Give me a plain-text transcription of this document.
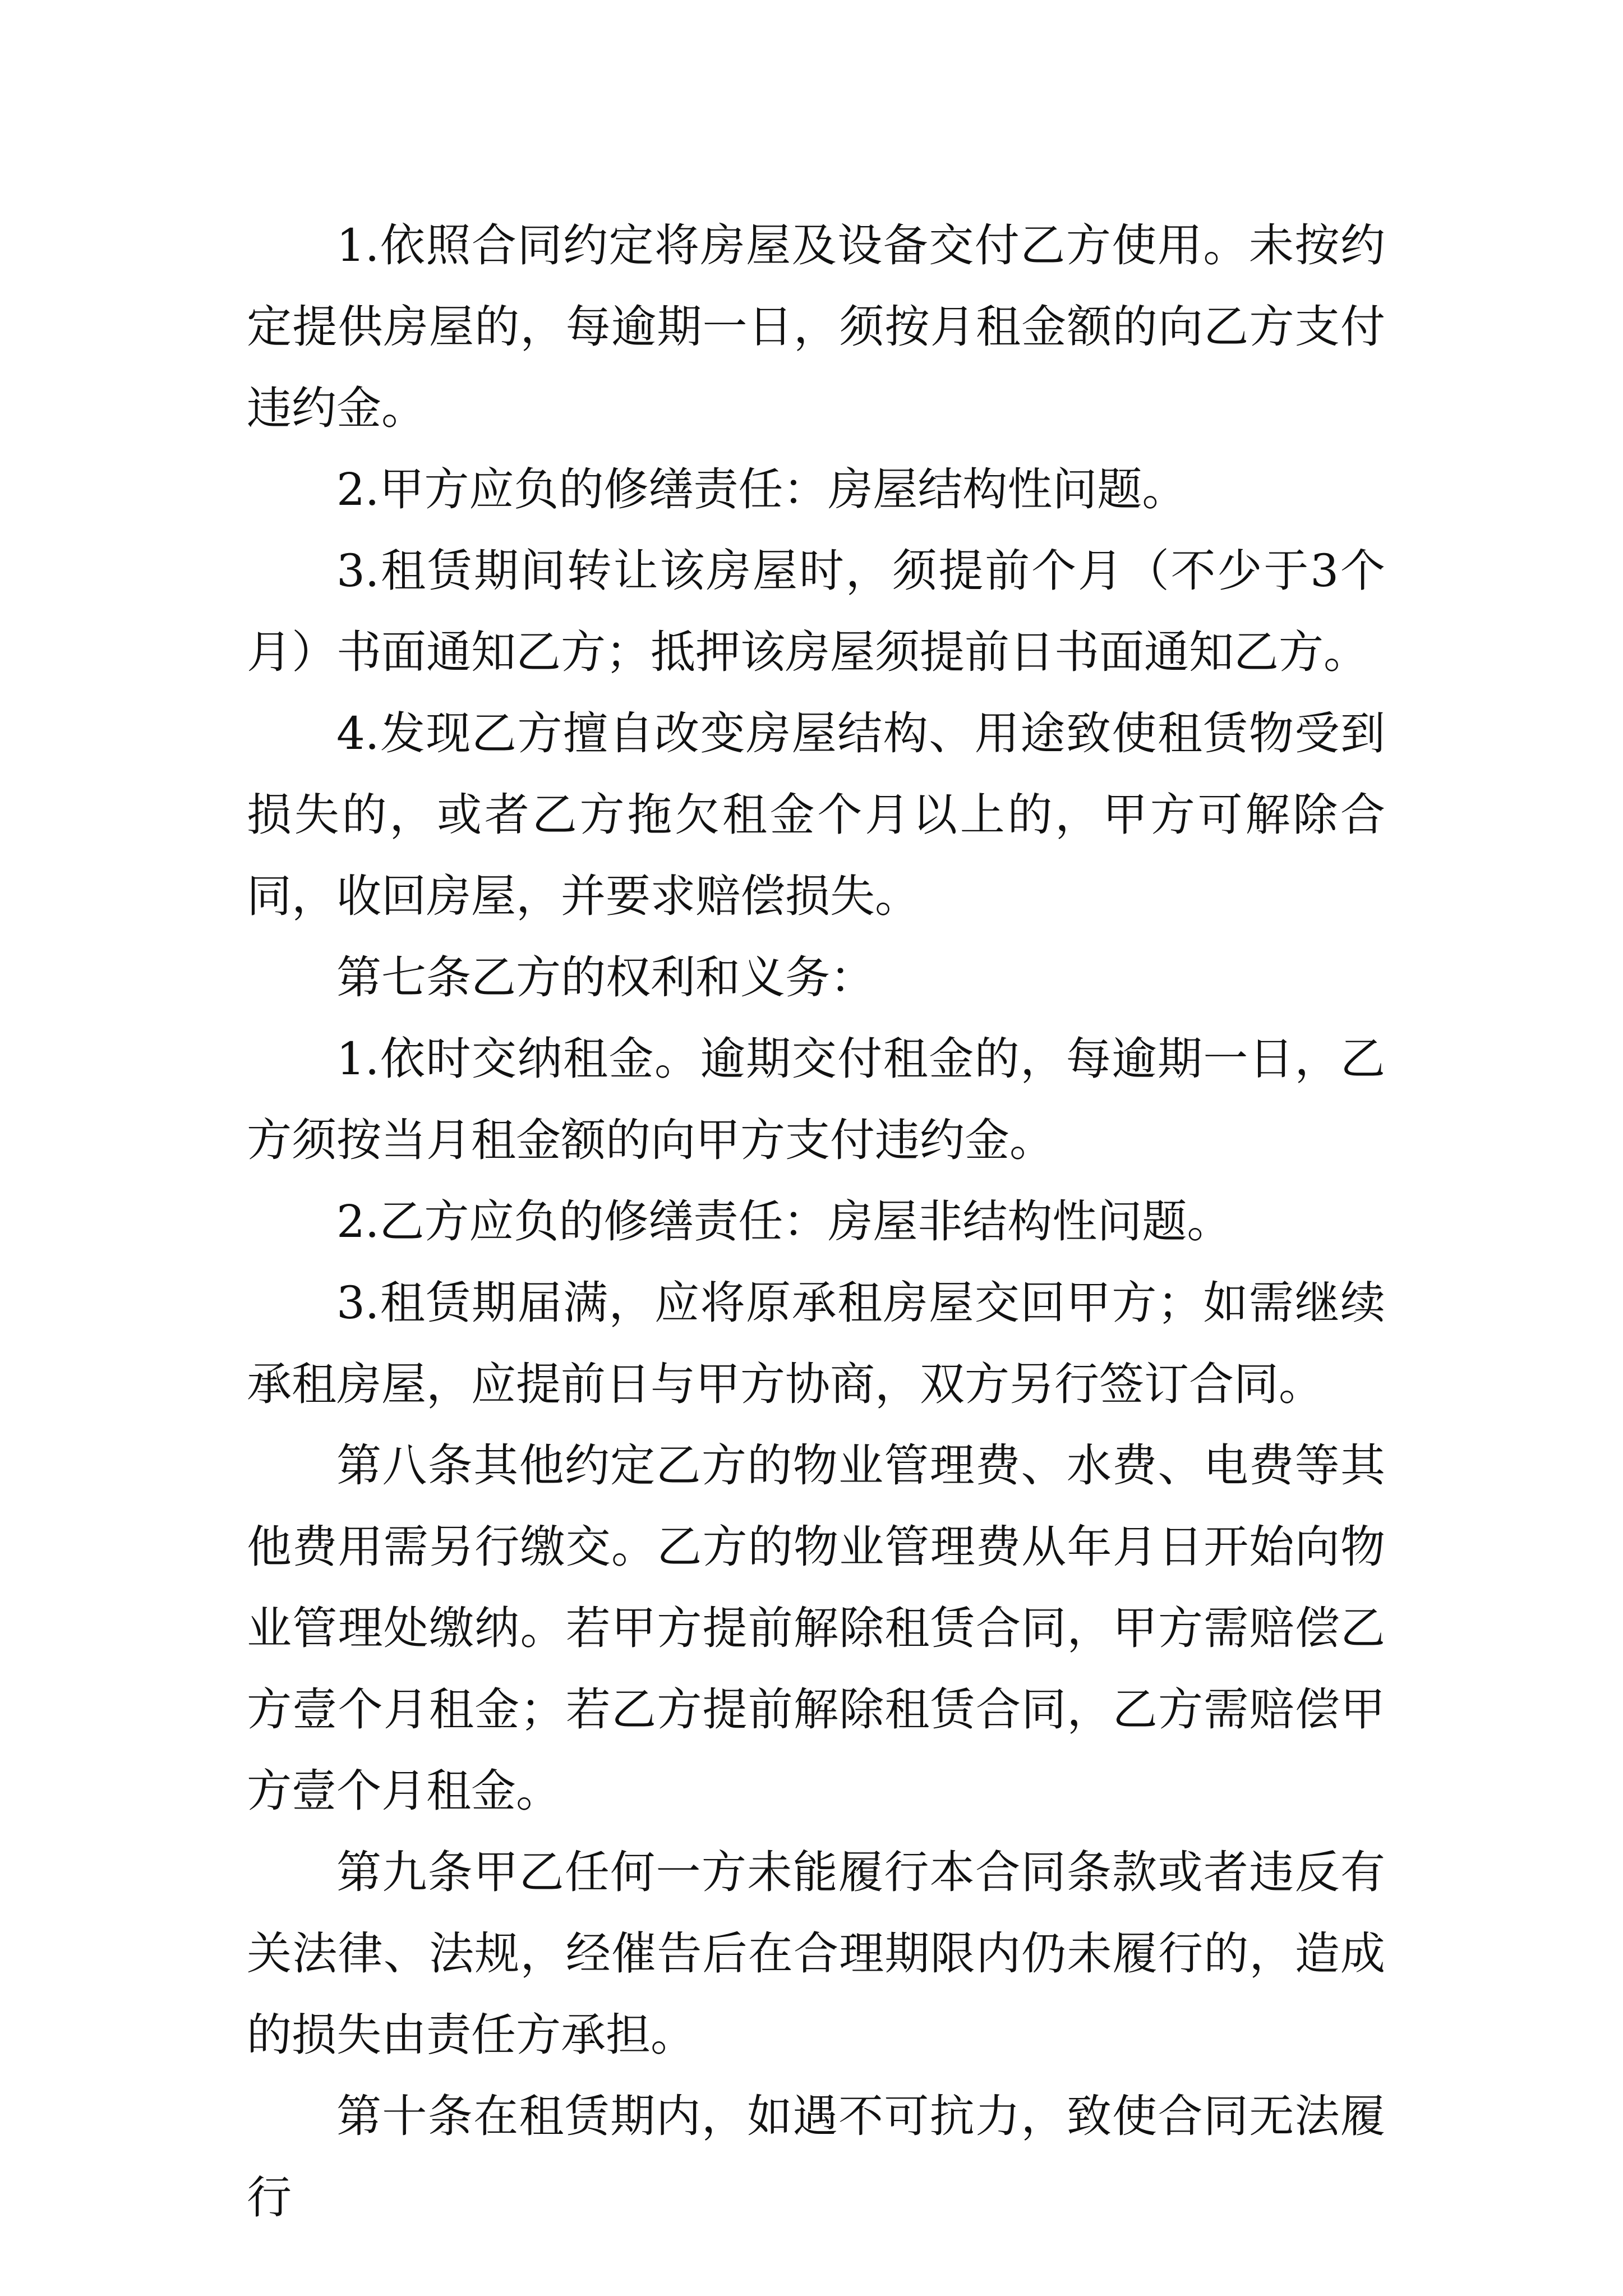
1.依照合同约定将房屋及设备交付乙方使用。未按约定提供房屋的，每逾期一日，须按月租金额的向乙方支付违约金。

2.甲方应负的修缮责任：房屋结构性问题。

3.租赁期间转让该房屋时，须提前个月（不少于3个月）书面通知乙方；抵押该房屋须提前日书面通知乙方。

4.发现乙方擅自改变房屋结构、用途致使租赁物受到损失的，或者乙方拖欠租金个月以上的，甲方可解除合同，收回房屋，并要求赔偿损失。

第七条乙方的权利和义务：

1.依时交纳租金。逾期交付租金的，每逾期一日，乙方须按当月租金额的向甲方支付违约金。

2.乙方应负的修缮责任：房屋非结构性问题。

3.租赁期届满，应将原承租房屋交回甲方；如需继续承租房屋，应提前日与甲方协商，双方另行签订合同。

第八条其他约定乙方的物业管理费、水费、电费等其他费用需另行缴交。乙方的物业管理费从年月日开始向物业管理处缴纳。若甲方提前解除租赁合同，甲方需赔偿乙方壹个月租金；若乙方提前解除租赁合同，乙方需赔偿甲方壹个月租金。

第九条甲乙任何一方未能履行本合同条款或者违反有关法律、法规，经催告后在合理期限内仍未履行的，造成的损失由责任方承担。

第十条在租赁期内，如遇不可抗力，致使合同无法履行
